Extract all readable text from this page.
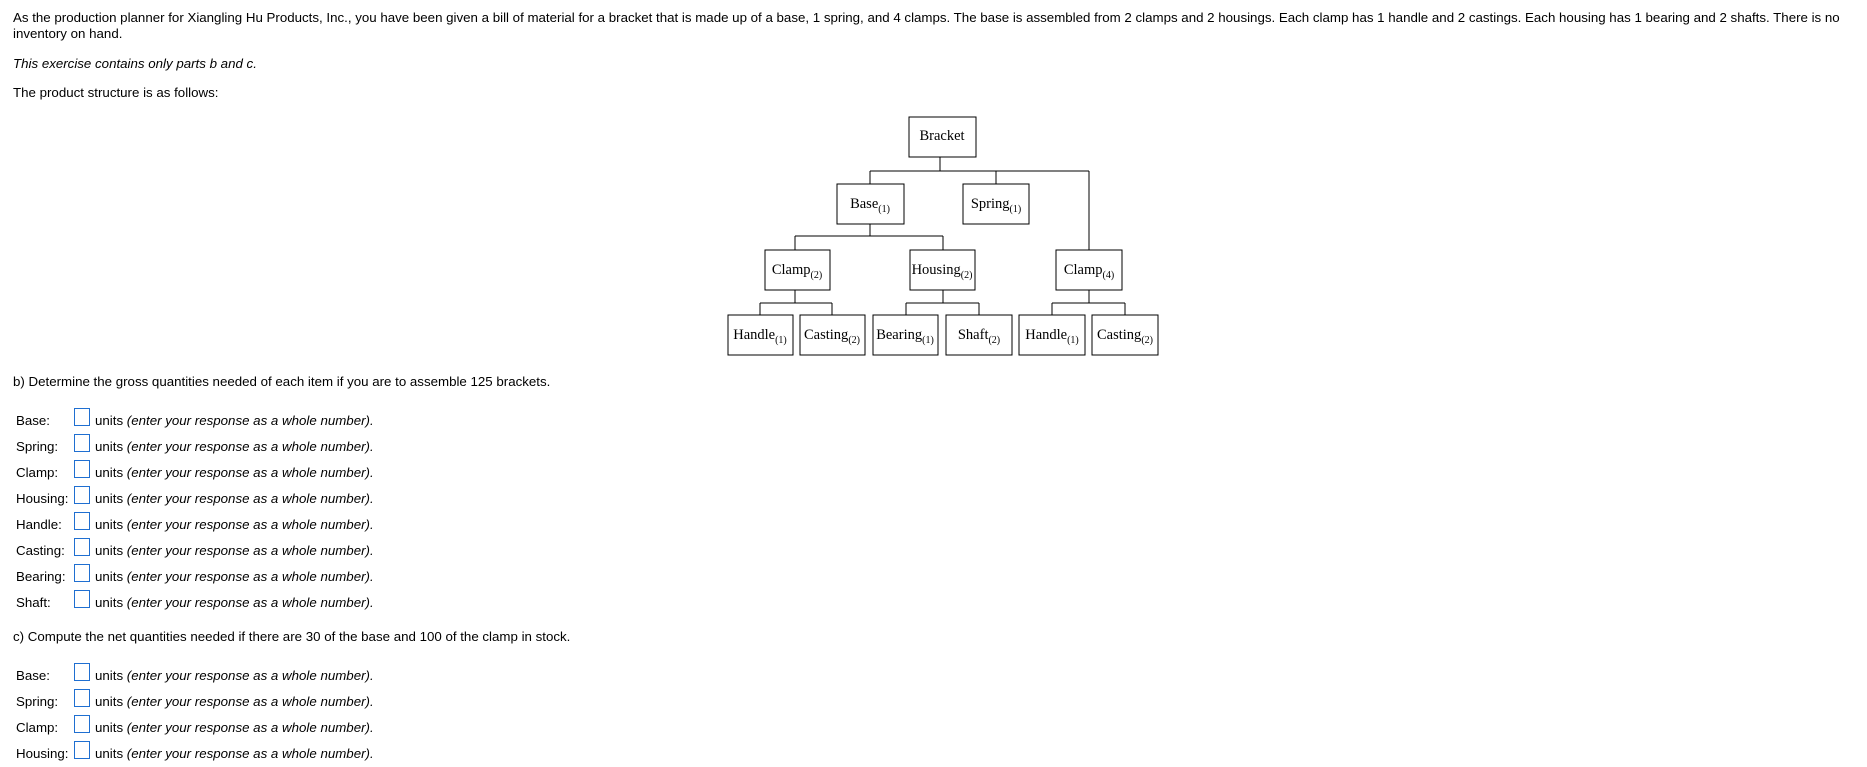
As the production planner for Xiangling Hu Products, Inc., you have been given a bill of material for a bracket that is made up of a base, 1 spring, and 4 clamps. The base is assembled from 2 clamps and 2 housings. Each clamp has 1 handle and 2 castings. Each housing has 1 bearing and 2 shafts. There is no inventory on hand.
This exercise contains only parts b and c.
The product structure is as follows:
Bracket
Base$_{(1)}$	Spring$_{(1)}$
Clamp$_{(2)}$	Housing$_{(2)}$	Clamp$_{(4)}$
Handle$_{(1)}$ Casting$_{(2)}$ Bearing$_{(1)}$ Shaft$_{(2)}$ Handle$_{(1)}$ Casting$_{(2)}$
b) Determine the gross quantities needed of each item if you are to assemble 125 brackets.
Base:	units (enter your response as a whole number).
Spring:	units (enter your response as a whole number).
Clamp:	units (enter your response as a whole number).
Housing: units (enter your response as a whole number).
Handle: units (enter your response as a whole number).
Casting: units (enter your response as a whole number).
Bearing: units (enter your response as a whole number).
Shaft:	units (enter your response as a whole number).
c) Compute the net quantities needed if there are 30 of the base and 100 of the clamp in stock.
Base:	units (enter your response as a whole number).
Spring:	units (enter your response as a whole number).
Clamp:	units (enter your response as a whole number).
Housing: units (enter your response as a whole number).
